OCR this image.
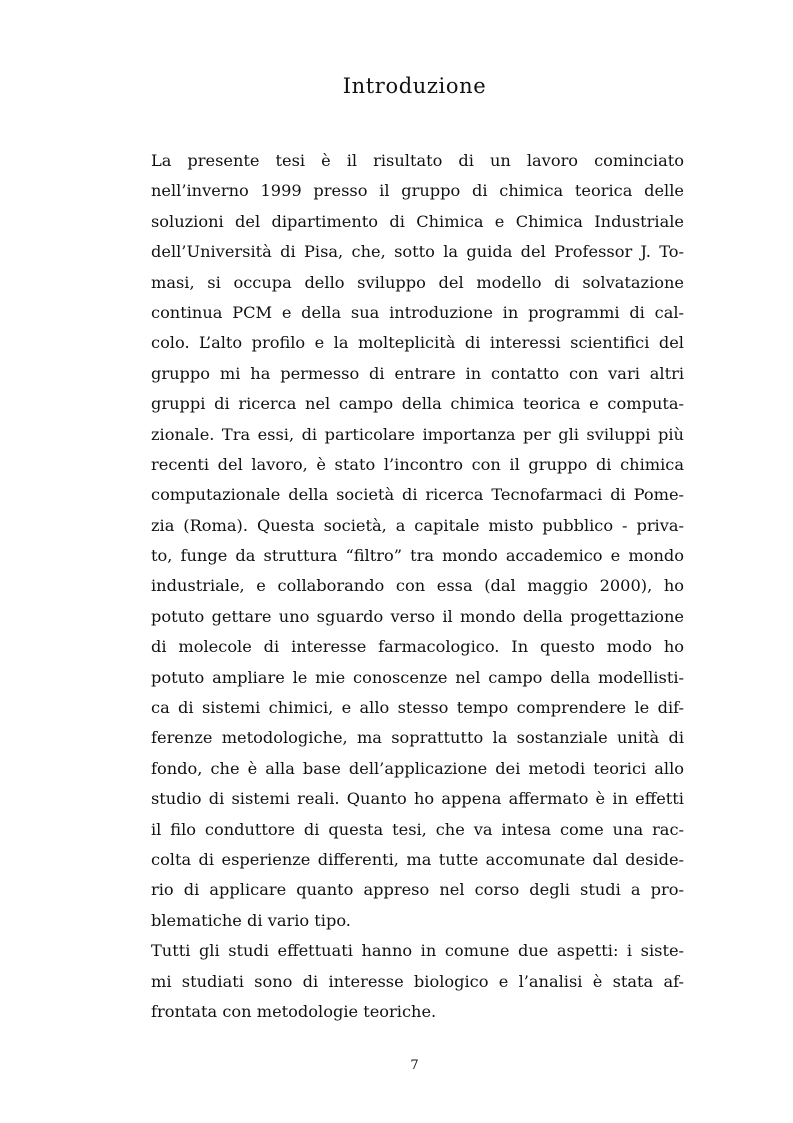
Introduzione
La presente tesi è il risultato di un lavoro cominciato
nell’inverno 1999 presso il gruppo di chimica teorica delle
soluzioni del dipartimento di Chimica e Chimica Industriale
dell’Università di Pisa, che, sotto la guida del Professor J. To-
masi, si occupa dello sviluppo del modello di solvatazione
continua PCM e della sua introduzione in programmi di cal-
colo. L’alto profilo e la molteplicità di interessi scientifici del
gruppo mi ha permesso di entrare in contatto con vari altri
gruppi di ricerca nel campo della chimica teorica e computa-
zionale. Tra essi, di particolare importanza per gli sviluppi più
recenti del lavoro, è stato l’incontro con il gruppo di chimica
computazionale della società di ricerca Tecnofarmaci di Pome-
zia (Roma). Questa società, a capitale misto pubblico - priva-
to, funge da struttura “filtro” tra mondo accademico e mondo
industriale, e collaborando con essa (dal maggio 2000), ho
potuto gettare uno sguardo verso il mondo della progettazione
di molecole di interesse farmacologico. In questo modo ho
potuto ampliare le mie conoscenze nel campo della modellisti-
ca di sistemi chimici, e allo stesso tempo comprendere le dif-
ferenze metodologiche, ma soprattutto la sostanziale unità di
fondo, che è alla base dell’applicazione dei metodi teorici allo
studio di sistemi reali. Quanto ho appena affermato è in effetti
il filo conduttore di questa tesi, che va intesa come una rac-
colta di esperienze differenti, ma tutte accomunate dal deside-
rio di applicare quanto appreso nel corso degli studi a pro-
blematiche di vario tipo.
Tutti gli studi effettuati hanno in comune due aspetti: i siste-
mi studiati sono di interesse biologico e l’analisi è stata af-
frontata con metodologie teoriche.
7
